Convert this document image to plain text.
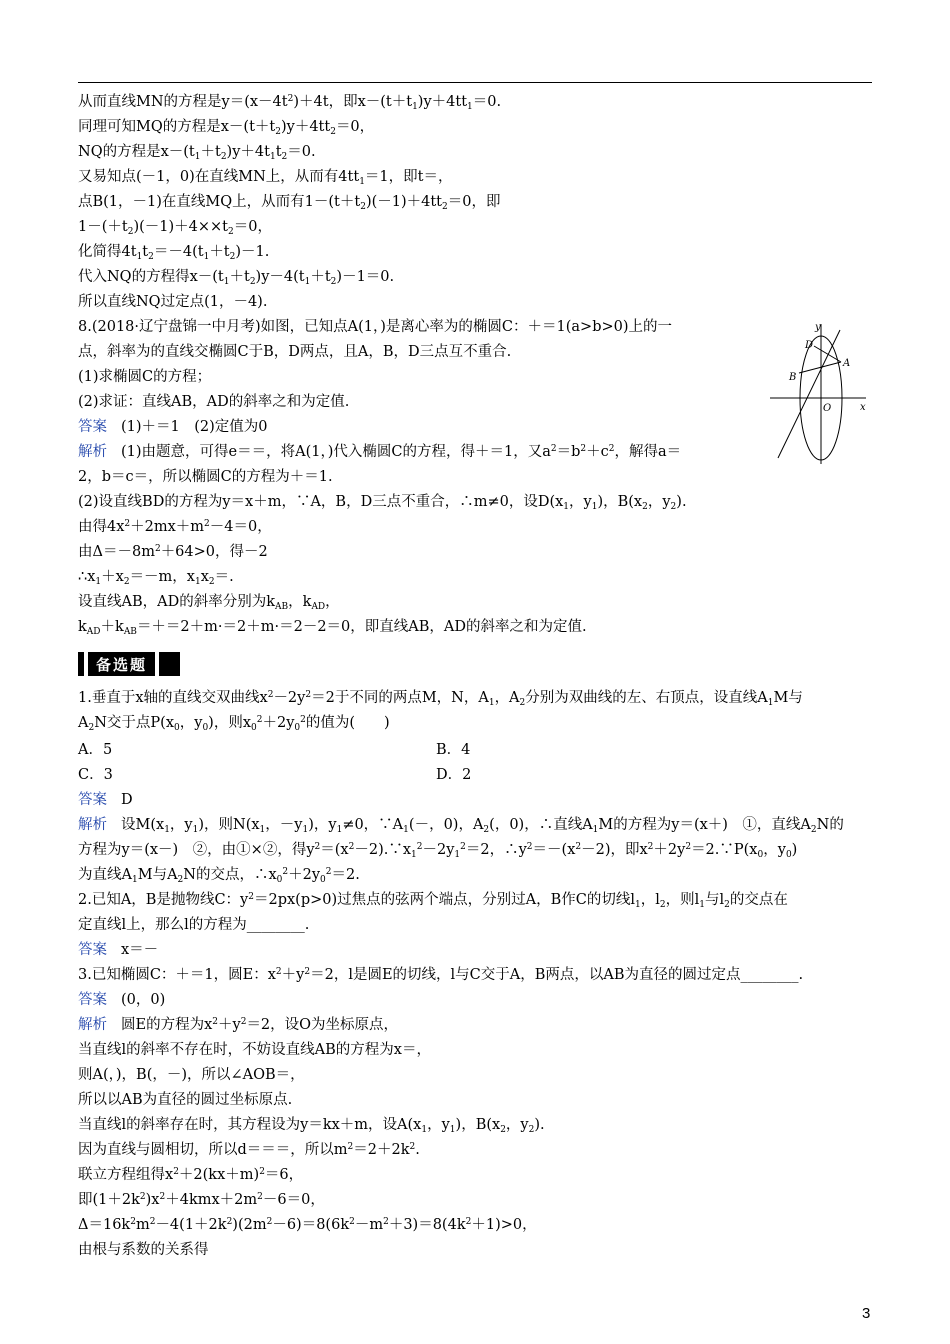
从而直线MN的方程是$y=(x-4t^2)+4t$，即$x-(t+t_1)y+4tt_1=0$.
同理可知MQ的方程是$x-(t+t_2)y+4tt_2=0$，
NQ的方程是$x-(t_1+t_2)y+4t_1t_2=0$.
又易知点(－1，0)在直线MN上，从而有$4tt_1=1$，即t＝，
点B(1，－1)在直线MQ上，从而有$1-(t+t_2)(-1)+4tt_2=0$，即
$1-(+t_2)(-1)+4\times\times t_2=0$，
化简得$4t_1t_2=-4(t_1+t_2)-1$.
代入NQ的方程得$x-(t_1+t_2)y-4(t_1+t_2)-1=0$.
所以直线NQ过定点(1，－4).
8.(2018·辽宁盘锦一中月考)如图，已知点A(1，)是离心率为的椭圆C：＋＝1(a>b>0)上的一
点，斜率为的直线交椭圆C于B，D两点，且A，B，D三点互不重合.
(1)求椭圆C的方程；
(2)求证：直线AB，AD的斜率之和为定值.
答案 (1)＋＝1　(2)定值为0
解析 (1)由题意，可得e＝＝，将A(1，)代入椭圆C的方程，得＋＝1，又$a^2=b^2+c^2$，解得a＝
2，b＝c＝，所以椭圆C的方程为＋＝1.
(2)设直线BD的方程为y＝x＋m，∵A，B，D三点不重合，∴m≠0，设$D(x_1$，$y_1$)，$B(x_2$，$y_2$).
由得$4x^2+2mx+m^2-4=0$，
由$\Delta=-8m^2+64>0$，得－2
$\therefore x_1+x_2=-m$，$x_1x_2=$.
设直线AB，AD的斜率分别为$k_{AB}$，$k_{AD}$，
$k_{AD}+k_{AB}=+=2+m\cdot=2+m\cdot=2-2=0$，即直线AB，AD的斜率之和为定值.
1.垂直于x轴的直线交双曲线$x^2-2y^2=2$于不同的两点M，N，$A_1$，$A_2$分别为双曲线的左、右顶点，设直线$A_1M$与
$A_2N$交于点$P(x_0$，$y_0$)，则$x_0^2+2y_0^2$的值为(　　)
答案 D
解析 设$M(x_1$，$y_1$)，则$N(x_1$，$-y_1$)，$y_1\ne 0$，$\because A_1(-$，0)，$A_2$(，0)，∴直线$A_1M$的方程为y＝(x＋)　①，直线$A_2N$的
方程为y＝(x－)　②，由①×②，得$y^2=(x^2-2).\because x_1^2-2y_1^2=2$，$\therefore y^2=-(x^2-2)$，即$x^2+2y^2=2.\because P(x_0$，$y_0$)
为直线$A_1M$与$A_2N$的交点，$\therefore x_0^2+2y_0^2=2$.
2.已知A，B是抛物线C：$y^2=2px(p>0)$过焦点的弦两个端点，分别过A，B作C的切线$l_1$，$l_2$，则$l_1$与$l_2$的交点在
定直线l上，那么l的方程为________.
答案 x＝－
3.已知椭圆C：＋＝1，圆E：$x^2+y^2=2$，l是圆E的切线，l与C交于A，B两点，以AB为直径的圆过定点________.
答案 (0，0)
解析 圆E的方程为$x^2+y^2=2$，设O为坐标原点，
当直线l的斜率不存在时，不妨设直线AB的方程为x＝，
则A(，)，B(，－)，所以∠AOB＝，
所以以AB为直径的圆过坐标原点.
当直线l的斜率存在时，其方程设为y＝kx＋m，设$A(x_1$，$y_1$)，$B(x_2$，$y_2$).
因为直线与圆相切，所以d＝＝＝，所以$m^2=2+2k^2$.
联立方程组得$x^2+2(kx+m)^2=6$，
即$(1+2k^2)x^2+4kmx+2m^2-6=0$，
$\Delta=16k^2m^2-4(1+2k^2)(2m^2-6)=8(6k^2-m^2+3)=8(4k^2+1)>0$，
由根与系数的关系得
备选题
A．5	B．4
C．3	D．2
y
x
O
A
B
D
3
